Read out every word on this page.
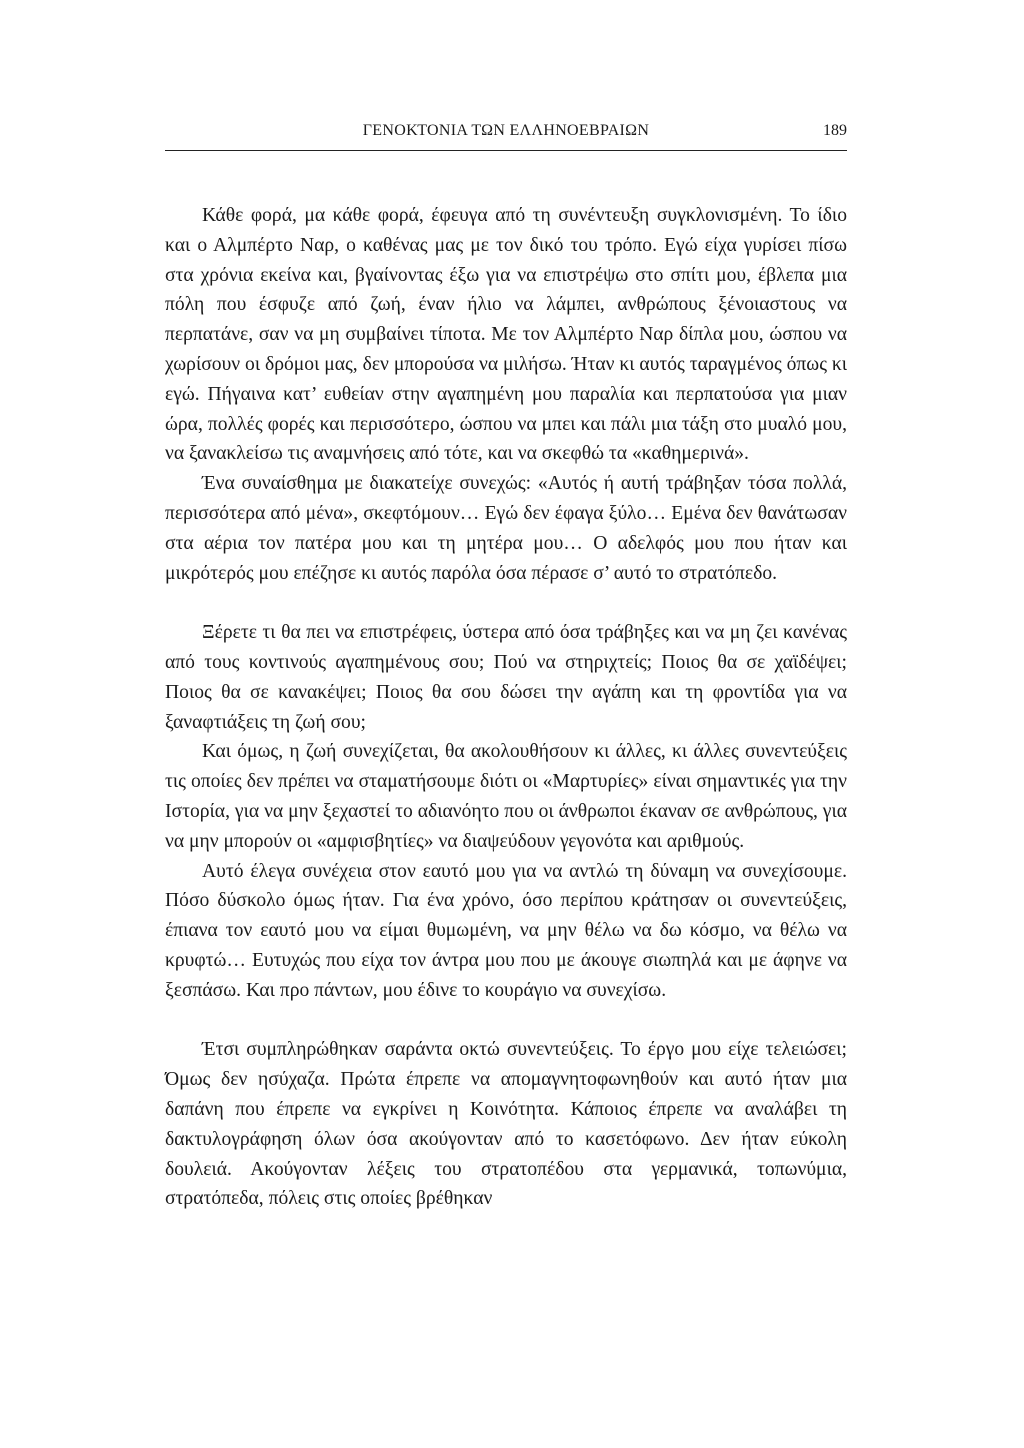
ΓΕΝΟΚΤΟΝΙΑ ΤΩΝ ΕΛΛΗΝΟΕΒΡΑΙΩΝ	189

Κάθε φορά, μα κάθε φορά, έφευγα από τη συνέντευξη συγκλονισμένη. Το ίδιο και ο Αλμπέρτο Ναρ, ο καθένας μας με τον δικό του τρόπο. Εγώ είχα γυρίσει πίσω στα χρόνια εκείνα και, βγαίνοντας έξω για να επιστρέψω στο σπίτι μου, έβλεπα μια πόλη που έσφυζε από ζωή, έναν ήλιο να λάμπει, ανθρώπους ξένοιαστους να περπατάνε, σαν να μη συμβαίνει τίποτα. Με τον Αλμπέρτο Ναρ δίπλα μου, ώσπου να χωρίσουν οι δρόμοι μας, δεν μπορούσα να μιλήσω. Ήταν κι αυτός ταραγμένος όπως κι εγώ. Πήγαινα κατ’ ευθείαν στην αγαπημένη μου παραλία και περπατούσα για μιαν ώρα, πολλές φορές και περισσότερο, ώσπου να μπει και πάλι μια τάξη στο μυαλό μου, να ξανακλείσω τις αναμνήσεις από τότε, και να σκεφθώ τα «καθημερινά».

Ένα συναίσθημα με διακατείχε συνεχώς: «Αυτός ή αυτή τράβηξαν τόσα πολλά, περισσότερα από μένα», σκεφτόμουν… Εγώ δεν έφαγα ξύλο… Εμένα δεν θανάτωσαν στα αέρια τον πατέρα μου και τη μητέρα μου… Ο αδελφός μου που ήταν και μικρότερός μου επέζησε κι αυτός παρόλα όσα πέρασε σ’ αυτό το στρατόπεδο.

Ξέρετε τι θα πει να επιστρέφεις, ύστερα από όσα τράβηξες και να μη ζει κανένας από τους κοντινούς αγαπημένους σου; Πού να στηριχτείς; Ποιος θα σε χαϊδέψει; Ποιος θα σε κανακέψει; Ποιος θα σου δώσει την αγάπη και τη φροντίδα για να ξαναφτιάξεις τη ζωή σου;

Και όμως, η ζωή συνεχίζεται, θα ακολουθήσουν κι άλλες, κι άλλες συνεντεύξεις τις οποίες δεν πρέπει να σταματήσουμε διότι οι «Μαρτυρίες» είναι σημαντικές για την Ιστορία, για να μην ξεχαστεί το αδιανόητο που οι άνθρωποι έκαναν σε ανθρώπους, για να μην μπορούν οι «αμφισβητίες» να διαψεύδουν γεγονότα και αριθμούς.

Αυτό έλεγα συνέχεια στον εαυτό μου για να αντλώ τη δύναμη να συνεχίσουμε. Πόσο δύσκολο όμως ήταν. Για ένα χρόνο, όσο περίπου κράτησαν οι συνεντεύξεις, έπιανα τον εαυτό μου να είμαι θυμωμένη, να μην θέλω να δω κόσμο, να θέλω να κρυφτώ… Ευτυχώς που είχα τον άντρα μου που με άκουγε σιωπηλά και με άφηνε να ξεσπάσω. Και προ πάντων, μου έδινε το κουράγιο να συνεχίσω.

Έτσι συμπληρώθηκαν σαράντα οκτώ συνεντεύξεις. Το έργο μου είχε τελειώσει; Όμως δεν ησύχαζα. Πρώτα έπρεπε να απομαγνητοφωνηθούν και αυτό ήταν μια δαπάνη που έπρεπε να εγκρίνει η Κοινότητα. Κάποιος έπρεπε να αναλάβει τη δακτυλογράφηση όλων όσα ακούγονταν από το κασετόφωνο. Δεν ήταν εύκολη δουλειά. Ακούγονταν λέξεις του στρατοπέδου στα γερμανικά, τοπωνύμια, στρατόπεδα, πόλεις στις οποίες βρέθηκαν
